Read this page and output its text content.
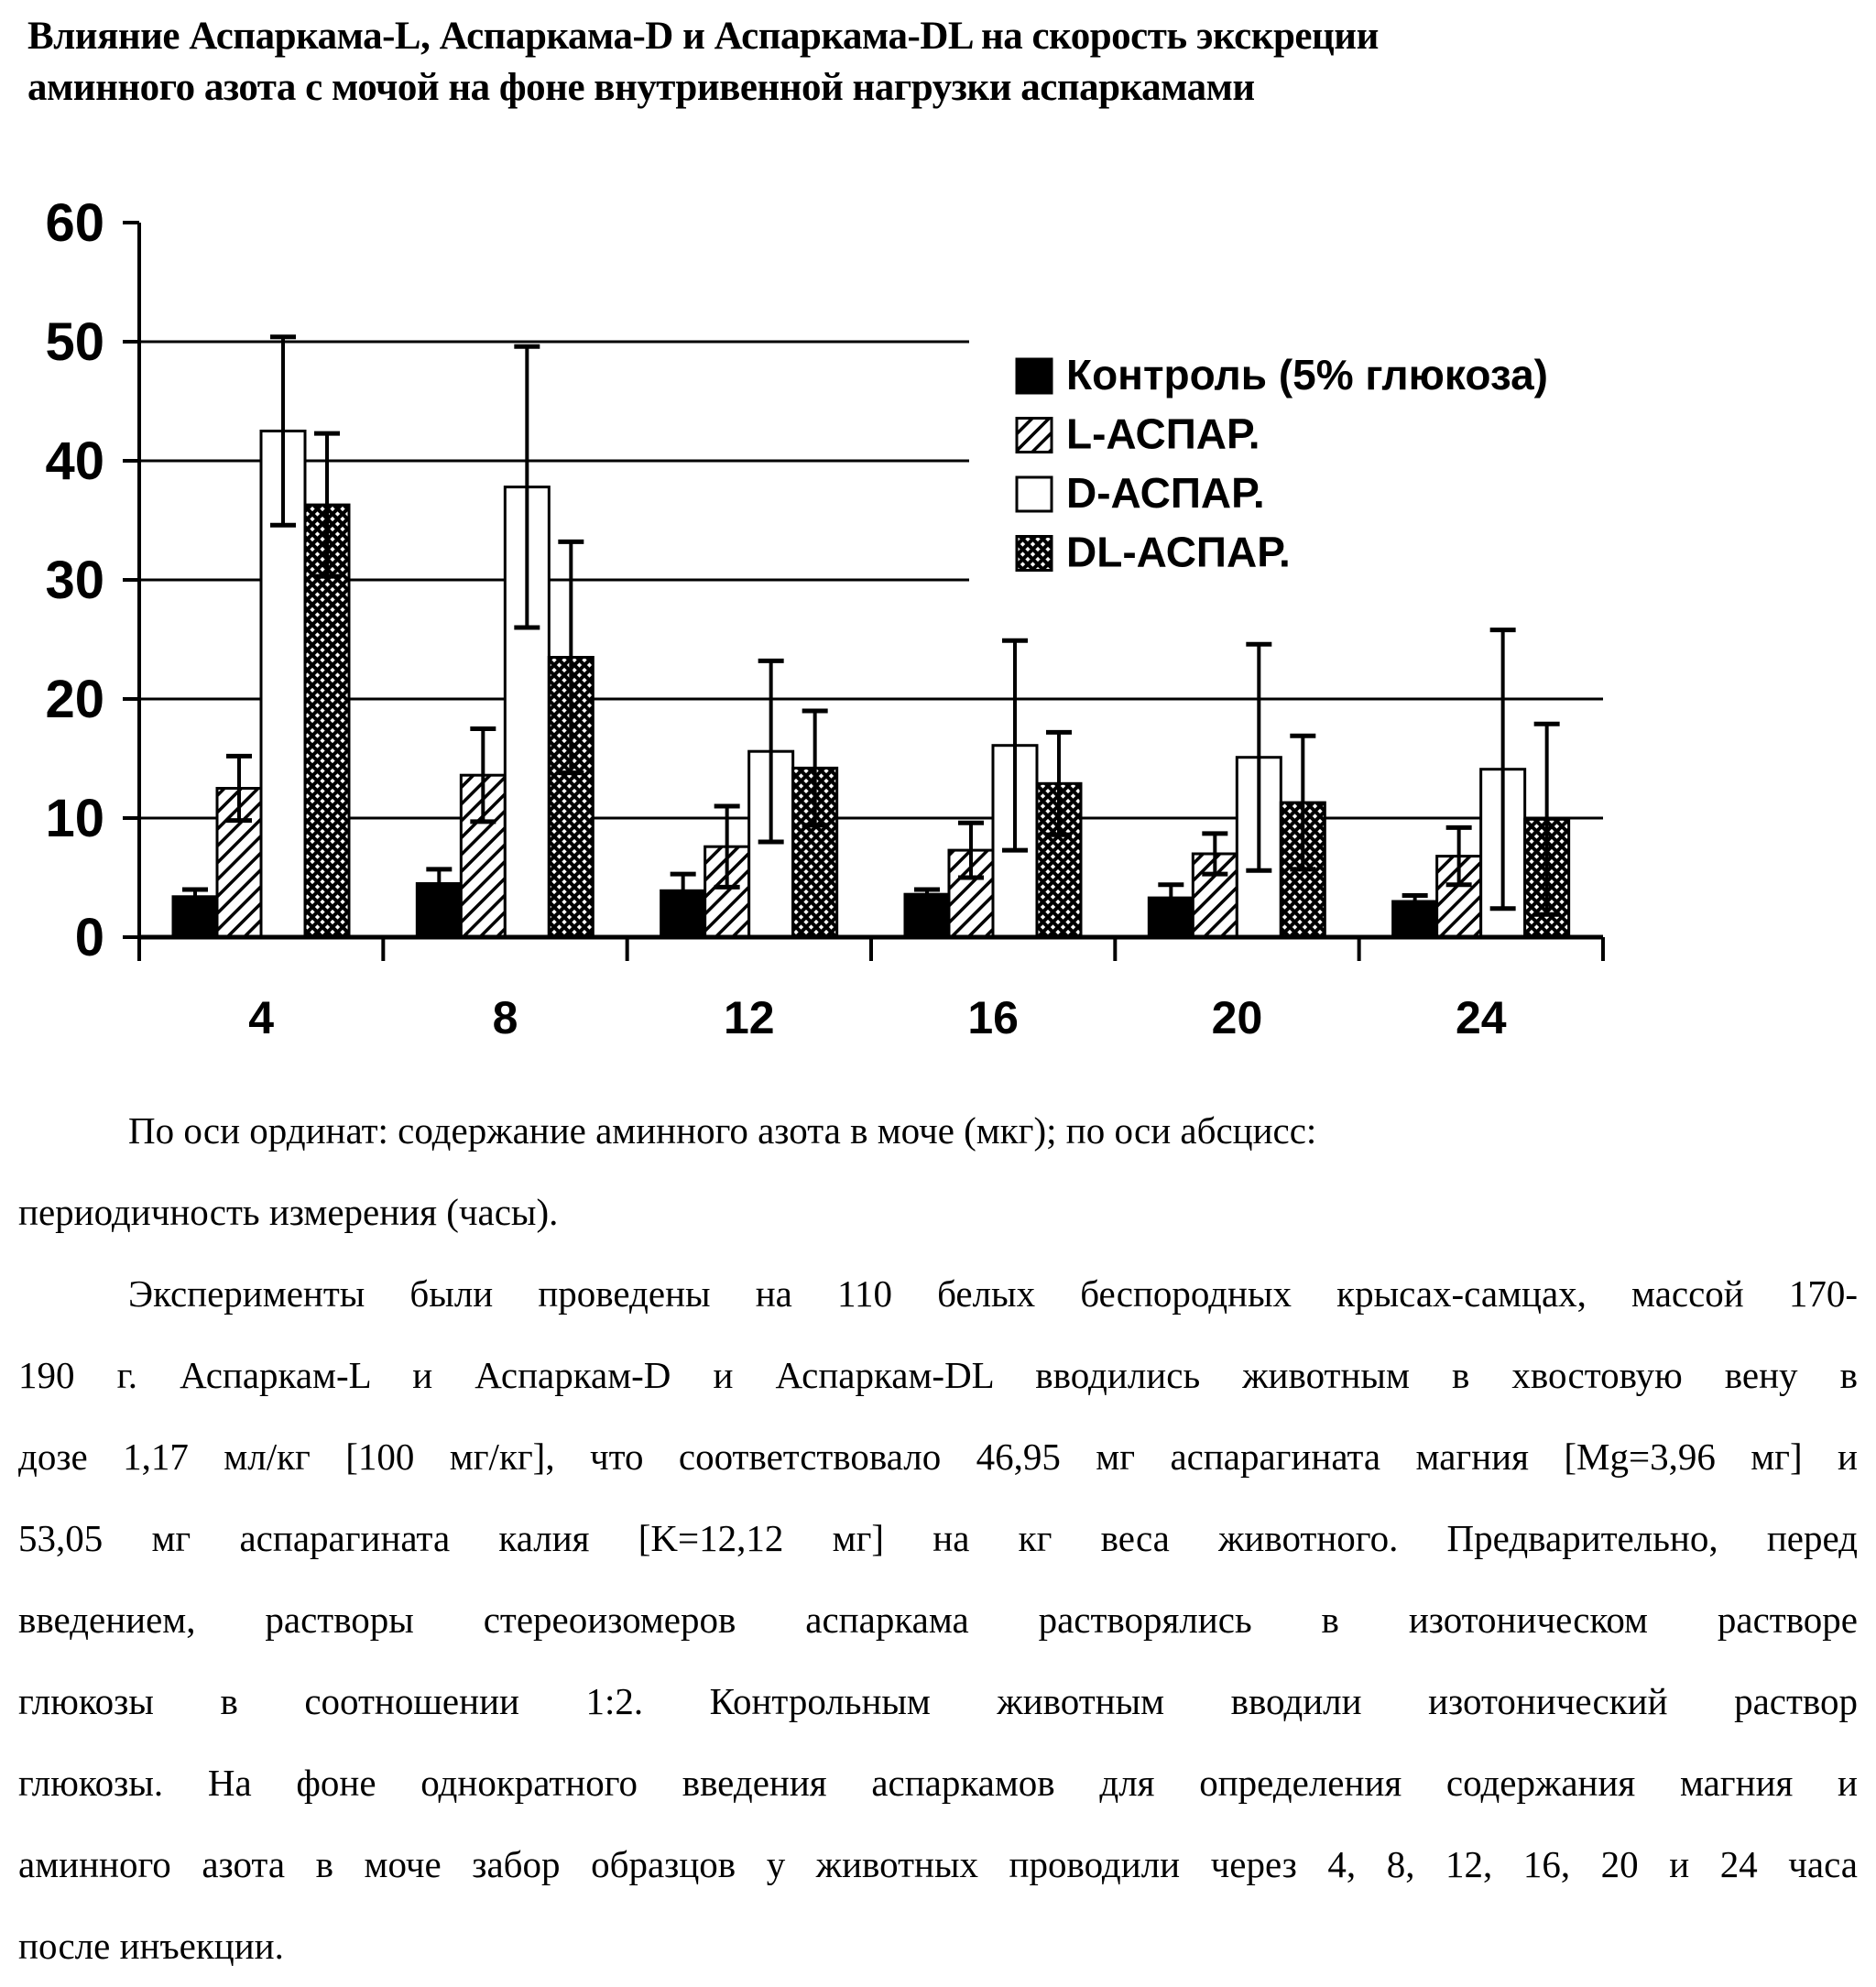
Влияние Аспаркама-L, Аспаркама-D и Аспаркама-DL на скорость экскреции
аминного азота с мочой на фоне внутривенной нагрузки аспаркамами
0
10
20
30
40
50
60
4	8	12	16	20	24
Контроль (5% глюкоза)
L-АСПАР.
D-АСПАР.
DL-АСПАР.
По оси ординат: содержание аминного азота в моче (мкг); по оси абсцисс:
периодичность измерения (часы).
Эксперименты были проведены на 110 белых беспородных крысах-самцах, массой 170-
190 г. Аспаркам-L и Аспаркам-D и Аспаркам-DL вводились животным в хвостовую вену в
дозе 1,17 мл/кг [100 мг/кг], что соответствовало 46,95 мг аспарагината магния [Mg=3,96 мг] и
53,05 мг аспарагината калия [K=12,12 мг] на кг веса животного. Предварительно, перед
введением, растворы стереоизомеров аспаркама растворялись в изотоническом растворе
глюкозы в соотношении 1:2. Контрольным животным вводили изотонический раствор
глюкозы. На фоне однократного введения аспаркамов для определения содержания магния и
аминного азота в моче забор образцов у животных проводили через 4, 8, 12, 16, 20 и 24 часа
после инъекции.
